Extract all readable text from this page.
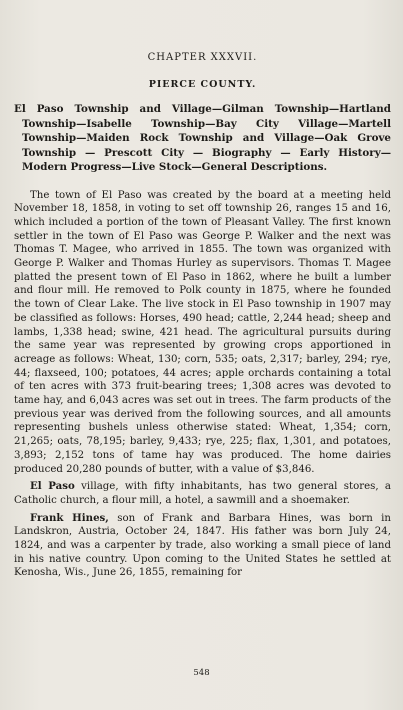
CHAPTER XXXVII.
PIERCE COUNTY.

El Paso Township and Village—Gilman Township—Hartland Township—Isabelle Township—Bay City Village—Martell Township—Maiden Rock Township and Village—Oak Grove Township — Prescott City — Biography — Early History— Modern Progress—Live Stock—General Descriptions.

The town of El Paso was created by the board at a meeting held November 18, 1858, in voting to set off township 26, ranges 15 and 16, which included a portion of the town of Pleasant Valley. The first known settler in the town of El Paso was George P. Walker and the next was Thomas T. Magee, who arrived in 1855. The town was organized with George P. Walker and Thomas Hurley as supervisors. Thomas T. Magee platted the present town of El Paso in 1862, where he built a lumber and flour mill. He removed to Polk county in 1875, where he founded the town of Clear Lake. The live stock in El Paso township in 1907 may be classified as follows: Horses, 490 head; cattle, 2,244 head; sheep and lambs, 1,338 head; swine, 421 head. The agricultural pursuits during the same year was represented by growing crops apportioned in acreage as follows: Wheat, 130; corn, 535; oats, 2,317; barley, 294; rye, 44; flaxseed, 100; potatoes, 44 acres; apple orchards containing a total of ten acres with 373 fruit-bearing trees; 1,308 acres was devoted to tame hay, and 6,043 acres was set out in trees. The farm products of the previous year was derived from the following sources, and all amounts representing bushels unless otherwise stated: Wheat, 1,354; corn, 21,265; oats, 78,195; barley, 9,433; rye, 225; flax, 1,301, and potatoes, 3,893; 2,152 tons of tame hay was produced. The home dairies produced 20,280 pounds of butter, with a value of $3,846.

El Paso village, with fifty inhabitants, has two general stores, a Catholic church, a flour mill, a hotel, a sawmill and a shoemaker.

Frank Hines, son of Frank and Barbara Hines, was born in Landskron, Austria, October 24, 1847. His father was born July 24, 1824, and was a carpenter by trade, also working a small piece of land in his native country. Upon coming to the United States he settled at Kenosha, Wis., June 26, 1855, remaining for

548
